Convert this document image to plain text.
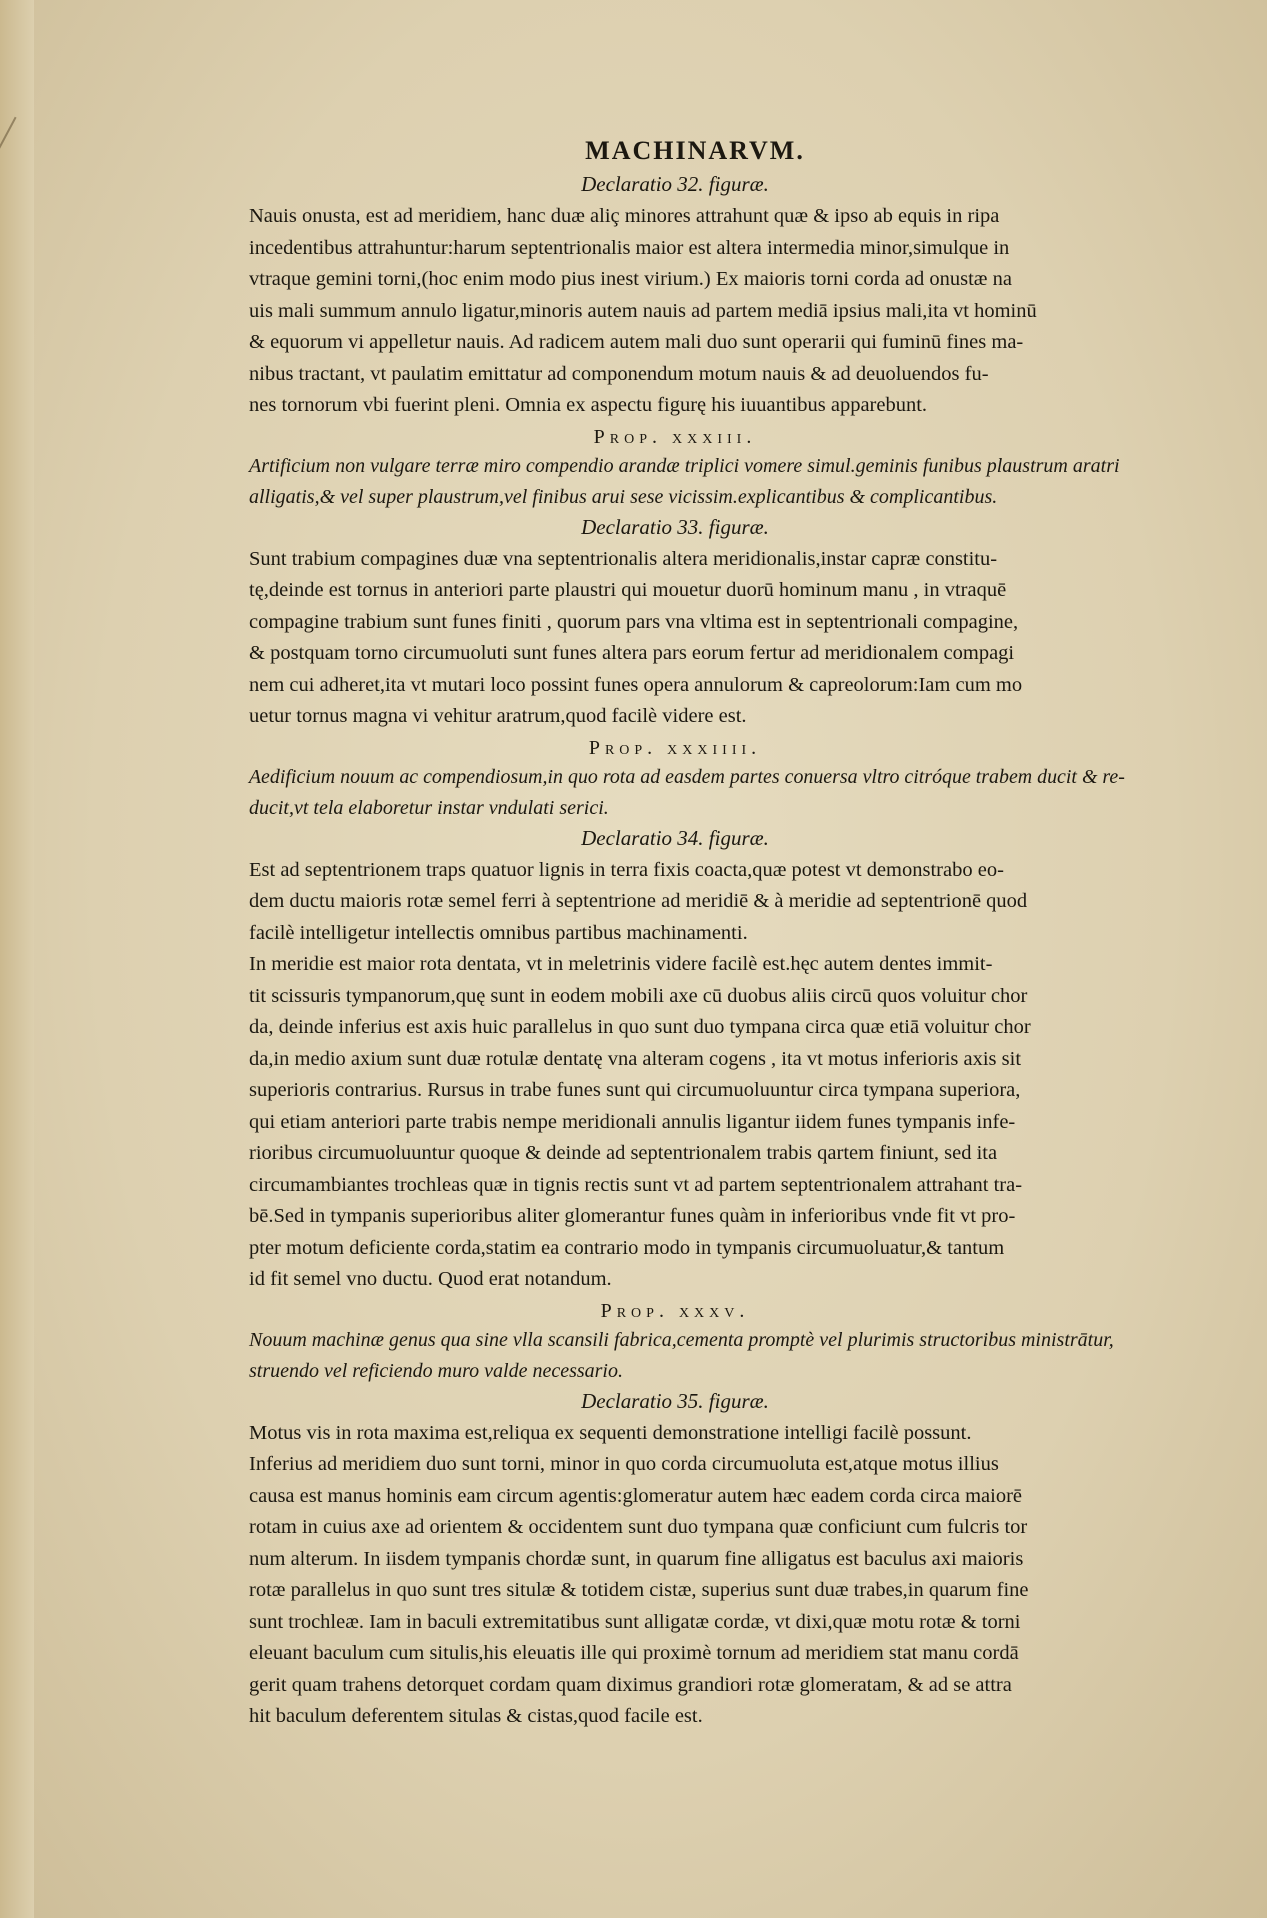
MACHINARVM.
Declaratio 32. figuræ.

Nauis onusta, est ad meridiem, hanc duæ aliç minores attrahunt quæ & ipso ab equis in ripa
incedentibus attrahuntur:harum septentrionalis maior est altera intermedia minor,simulque in
vtraque gemini torni,(hoc enim modo pius inest virium.) Ex maioris torni corda ad onustæ na
uis mali summum annulo ligatur,minoris autem nauis ad partem mediā ipsius mali,ita vt hominū
& equorum vi appelletur nauis. Ad radicem autem mali duo sunt operarii qui fuminū fines ma-
nibus tractant, vt paulatim emittatur ad componendum motum nauis & ad deuoluendos fu-
nes tornorum vbi fuerint pleni. Omnia ex aspectu figurę his iuuantibus apparebunt.

Prop. xxxiii.

Artificium non vulgare terræ miro compendio arandæ triplici vomere simul.geminis funibus plaustrum aratri
alligatis,& vel super plaustrum,vel finibus arui sese vicissim.explicantibus & complicantibus.

Declaratio 33. figuræ.

Sunt trabium compagines duæ vna septentrionalis altera meridionalis,instar capræ constitu-
tę,deinde est tornus in anteriori parte plaustri qui mouetur duorū hominum manu , in vtraquē
compagine trabium sunt funes finiti , quorum pars vna vltima est in septentrionali compagine,
& postquam torno circumuoluti sunt funes altera pars eorum fertur ad meridionalem compagi
nem cui adheret,ita vt mutari loco possint funes opera annulorum & capreolorum:Iam cum mo
uetur tornus magna vi vehitur aratrum,quod facilè videre est.

Prop. xxxiiii.

Aedificium nouum ac compendiosum,in quo rota ad easdem partes conuersa vltro citróque trabem ducit & re-
ducit,vt tela elaboretur instar vndulati serici.

Declaratio 34. figuræ.

Est ad septentrionem traps quatuor lignis in terra fixis coacta,quæ potest vt demonstrabo eo-
dem ductu maioris rotæ semel ferri à septentrione ad meridiē & à meridie ad septentrionē quod
facilè intelligetur intellectis omnibus partibus machinamenti.

In meridie est maior rota dentata, vt in meletrinis videre facilè est.hęc autem dentes immit-
tit scissuris tympanorum,quę sunt in eodem mobili axe cū duobus aliis circū quos voluitur chor
da, deinde inferius est axis huic parallelus in quo sunt duo tympana circa quæ etiā voluitur chor
da,in medio axium sunt duæ rotulæ dentatę vna alteram cogens , ita vt motus inferioris axis sit
superioris contrarius. Rursus in trabe funes sunt qui circumuoluuntur circa tympana superiora,
qui etiam anteriori parte trabis nempe meridionali annulis ligantur iidem funes tympanis infe-
rioribus circumuoluuntur quoque & deinde ad septentrionalem trabis qartem finiunt, sed ita
circumambiantes trochleas quæ in tignis rectis sunt vt ad partem septentrionalem attrahant tra-
bē.Sed in tympanis superioribus aliter glomerantur funes quàm in inferioribus vnde fit vt pro-
pter motum deficiente corda,statim ea contrario modo in tympanis circumuoluatur,& tantum
id fit semel vno ductu. Quod erat notandum.

Prop. xxxv.

Nouum machinæ genus qua sine vlla scansili fabrica,cementa promptè vel plurimis structoribus ministrātur,
struendo vel reficiendo muro valde necessario.

Declaratio 35. figuræ.

Motus vis in rota maxima est,reliqua ex sequenti demonstratione intelligi facilè possunt.

Inferius ad meridiem duo sunt torni, minor in quo corda circumuoluta est,atque motus illius
causa est manus hominis eam circum agentis:glomeratur autem hæc eadem corda circa maiorē
rotam in cuius axe ad orientem & occidentem sunt duo tympana quæ conficiunt cum fulcris tor
num alterum. In iisdem tympanis chordæ sunt, in quarum fine alligatus est baculus axi maioris
rotæ parallelus in quo sunt tres situlæ & totidem cistæ, superius sunt duæ trabes,in quarum fine
sunt trochleæ. Iam in baculi extremitatibus sunt alligatæ cordæ, vt dixi,quæ motu rotæ & torni
eleuant baculum cum situlis,his eleuatis ille qui proximè tornum ad meridiem stat manu cordā
gerit quam trahens detorquet cordam quam diximus grandiori rotæ glomeratam, & ad se attra
hit baculum deferentem situlas & cistas,quod facile est.
